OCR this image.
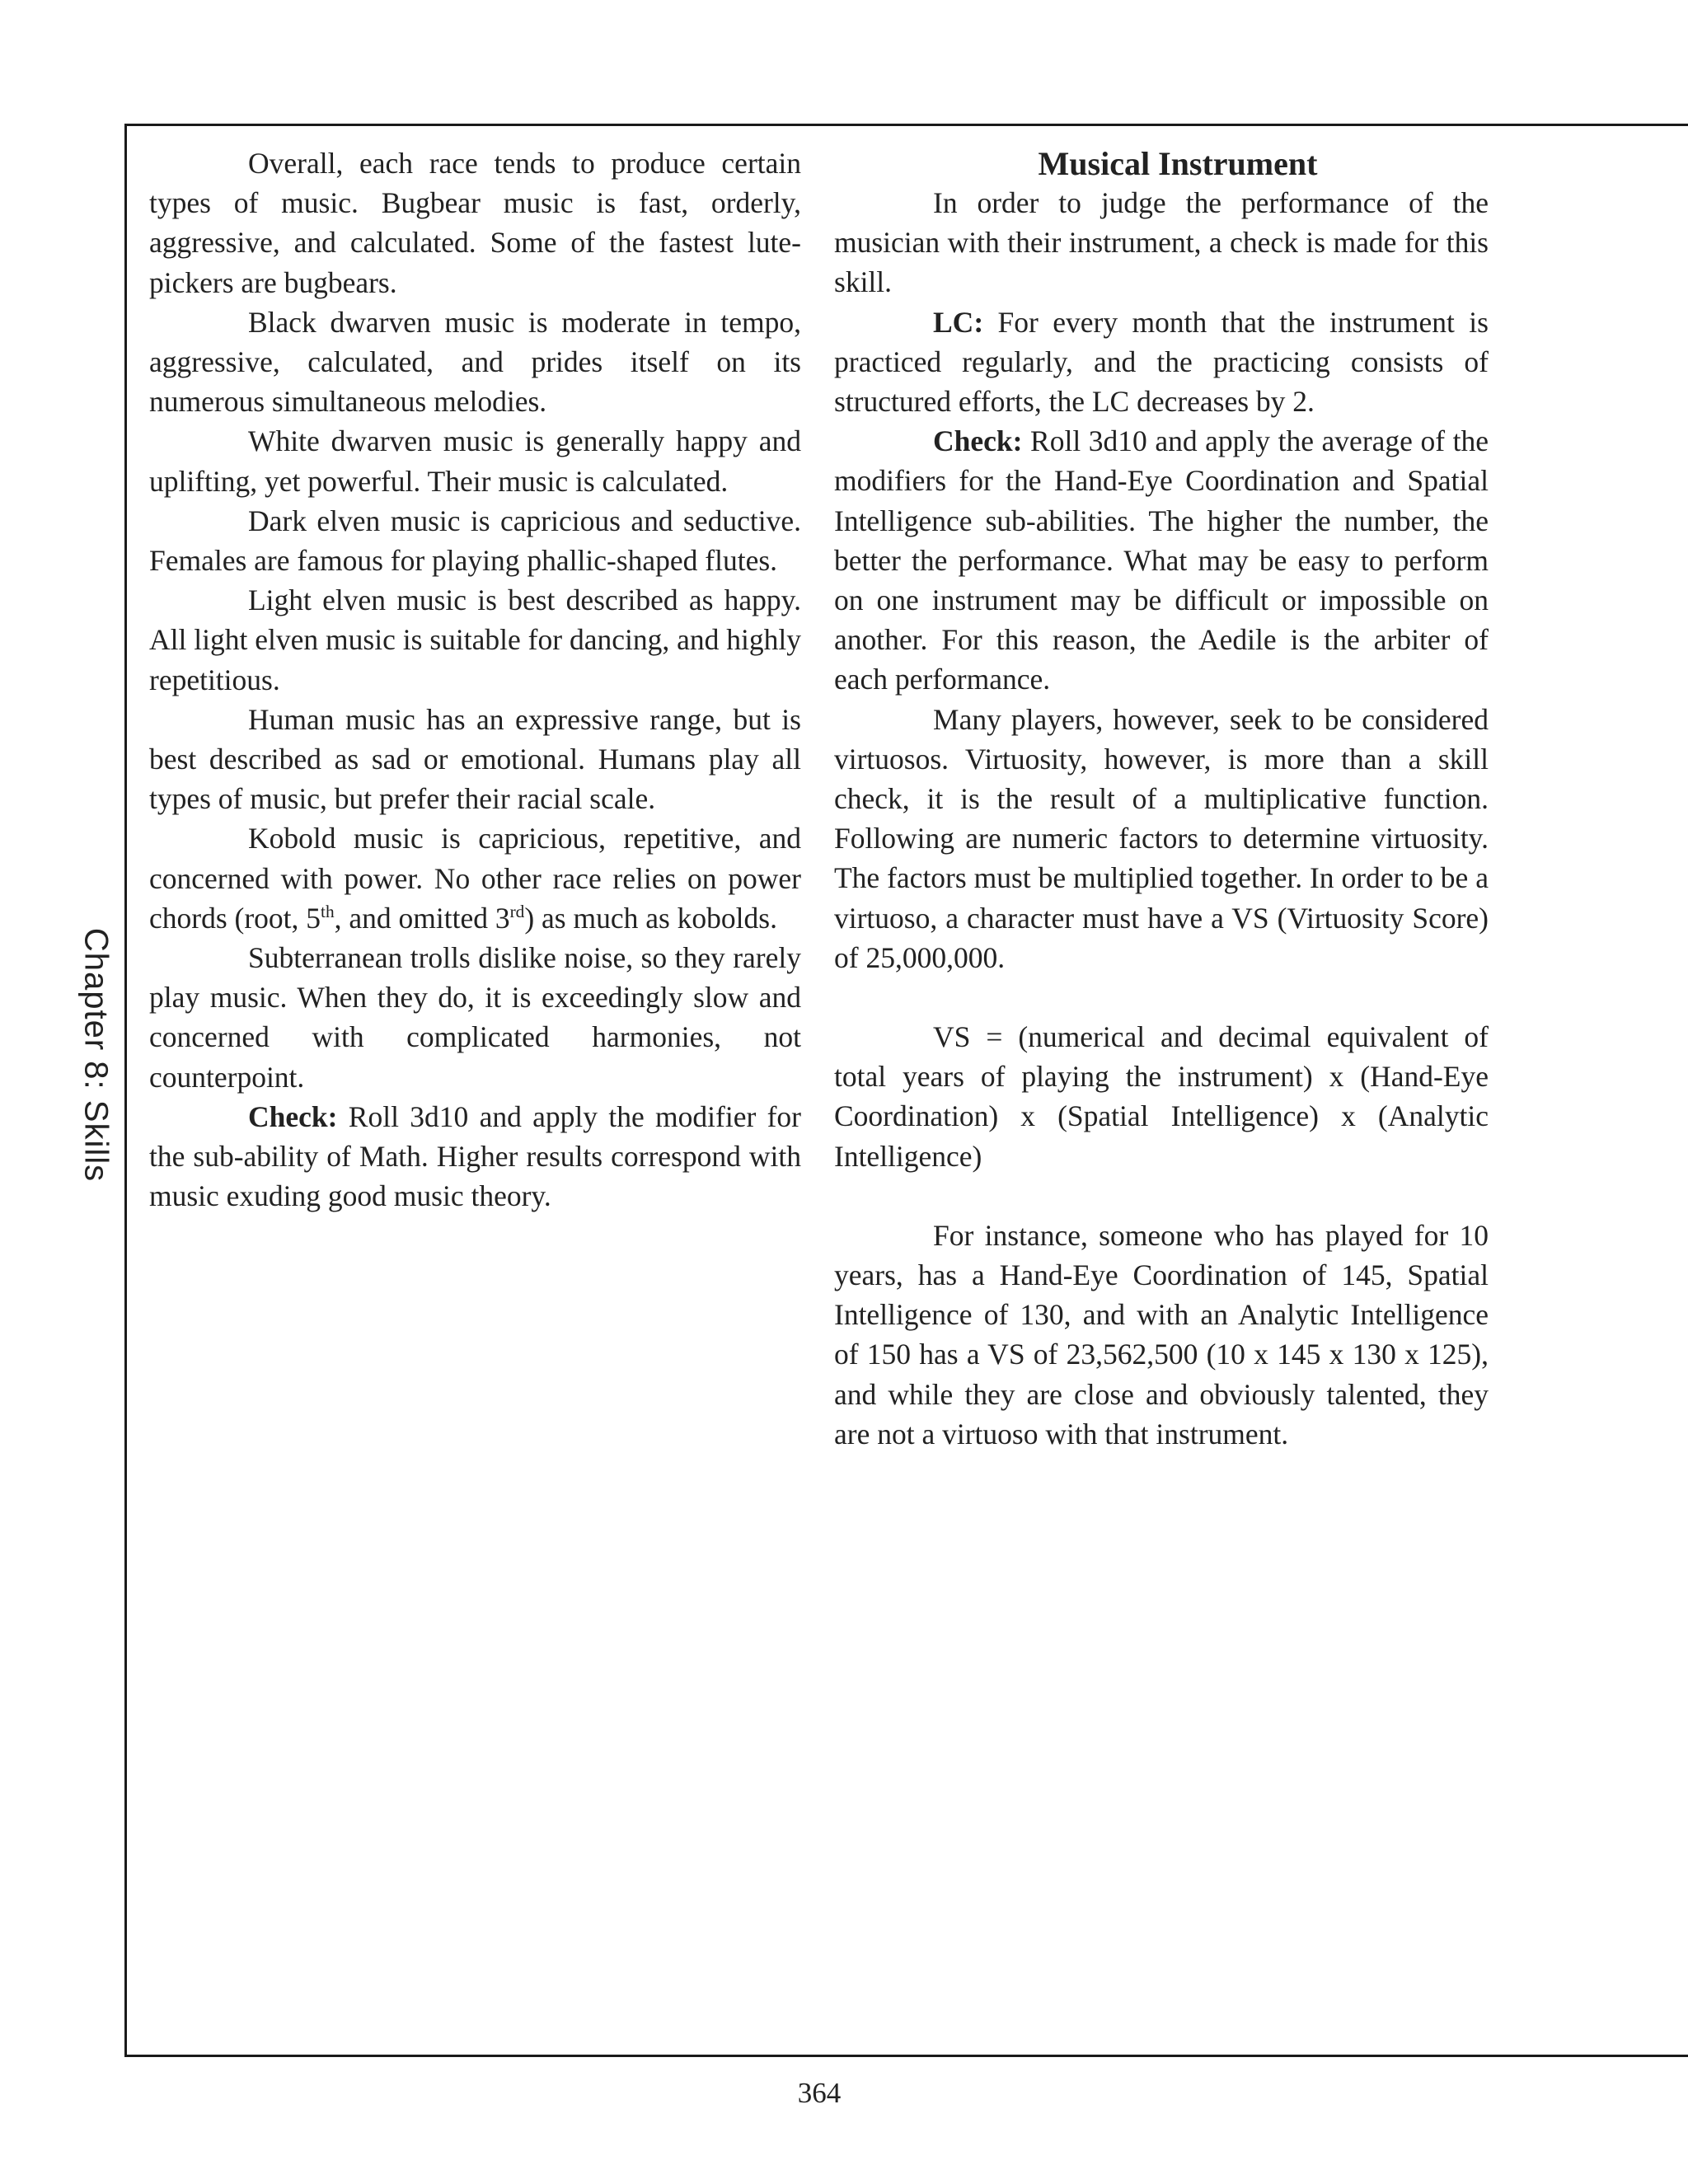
Chapter 8: Skills

Overall, each race tends to produce certain types of music. Bugbear music is fast, orderly, aggressive, and calculated. Some of the fastest lute-pickers are bugbears.

Black dwarven music is moderate in tempo, aggressive, calculated, and prides itself on its numerous simultaneous melodies.

White dwarven music is generally happy and uplifting, yet powerful. Their music is calculated.

Dark elven music is capricious and seductive. Females are famous for playing phallic-shaped flutes.

Light elven music is best described as happy. All light elven music is suitable for dancing, and highly repetitious.

Human music has an expressive range, but is best described as sad or emotional. Humans play all types of music, but prefer their racial scale.

Kobold music is capricious, repetitive, and concerned with power. No other race relies on power chords (root, 5th, and omitted 3rd) as much as kobolds.

Subterranean trolls dislike noise, so they rarely play music. When they do, it is exceedingly slow and concerned with complicated harmonies, not counterpoint.

Check: Roll 3d10 and apply the modifier for the sub-ability of Math. Higher results correspond with music exuding good music theory.

Musical Instrument

In order to judge the performance of the musician with their instrument, a check is made for this skill.

LC: For every month that the instrument is practiced regularly, and the practicing consists of structured efforts, the LC decreases by 2.

Check: Roll 3d10 and apply the average of the modifiers for the Hand-Eye Coordination and Spatial Intelligence sub-abilities. The higher the number, the better the performance. What may be easy to perform on one instrument may be difficult or impossible on another. For this reason, the Aedile is the arbiter of each performance.

Many players, however, seek to be considered virtuosos. Virtuosity, however, is more than a skill check, it is the result of a multiplicative function. Following are numeric factors to determine virtuosity. The factors must be multiplied together. In order to be a virtuoso, a character must have a VS (Virtuosity Score) of 25,000,000.

VS = (numerical and decimal equivalent of total years of playing the instrument) x (Hand-Eye Coordination) x (Spatial Intelligence) x (Analytic Intelligence)

For instance, someone who has played for 10 years, has a Hand-Eye Coordination of 145, Spatial Intelligence of 130, and with an Analytic Intelligence of 150 has a VS of 23,562,500 (10 x 145 x 130 x 125), and while they are close and obviously talented, they are not a virtuoso with that instrument.

364
